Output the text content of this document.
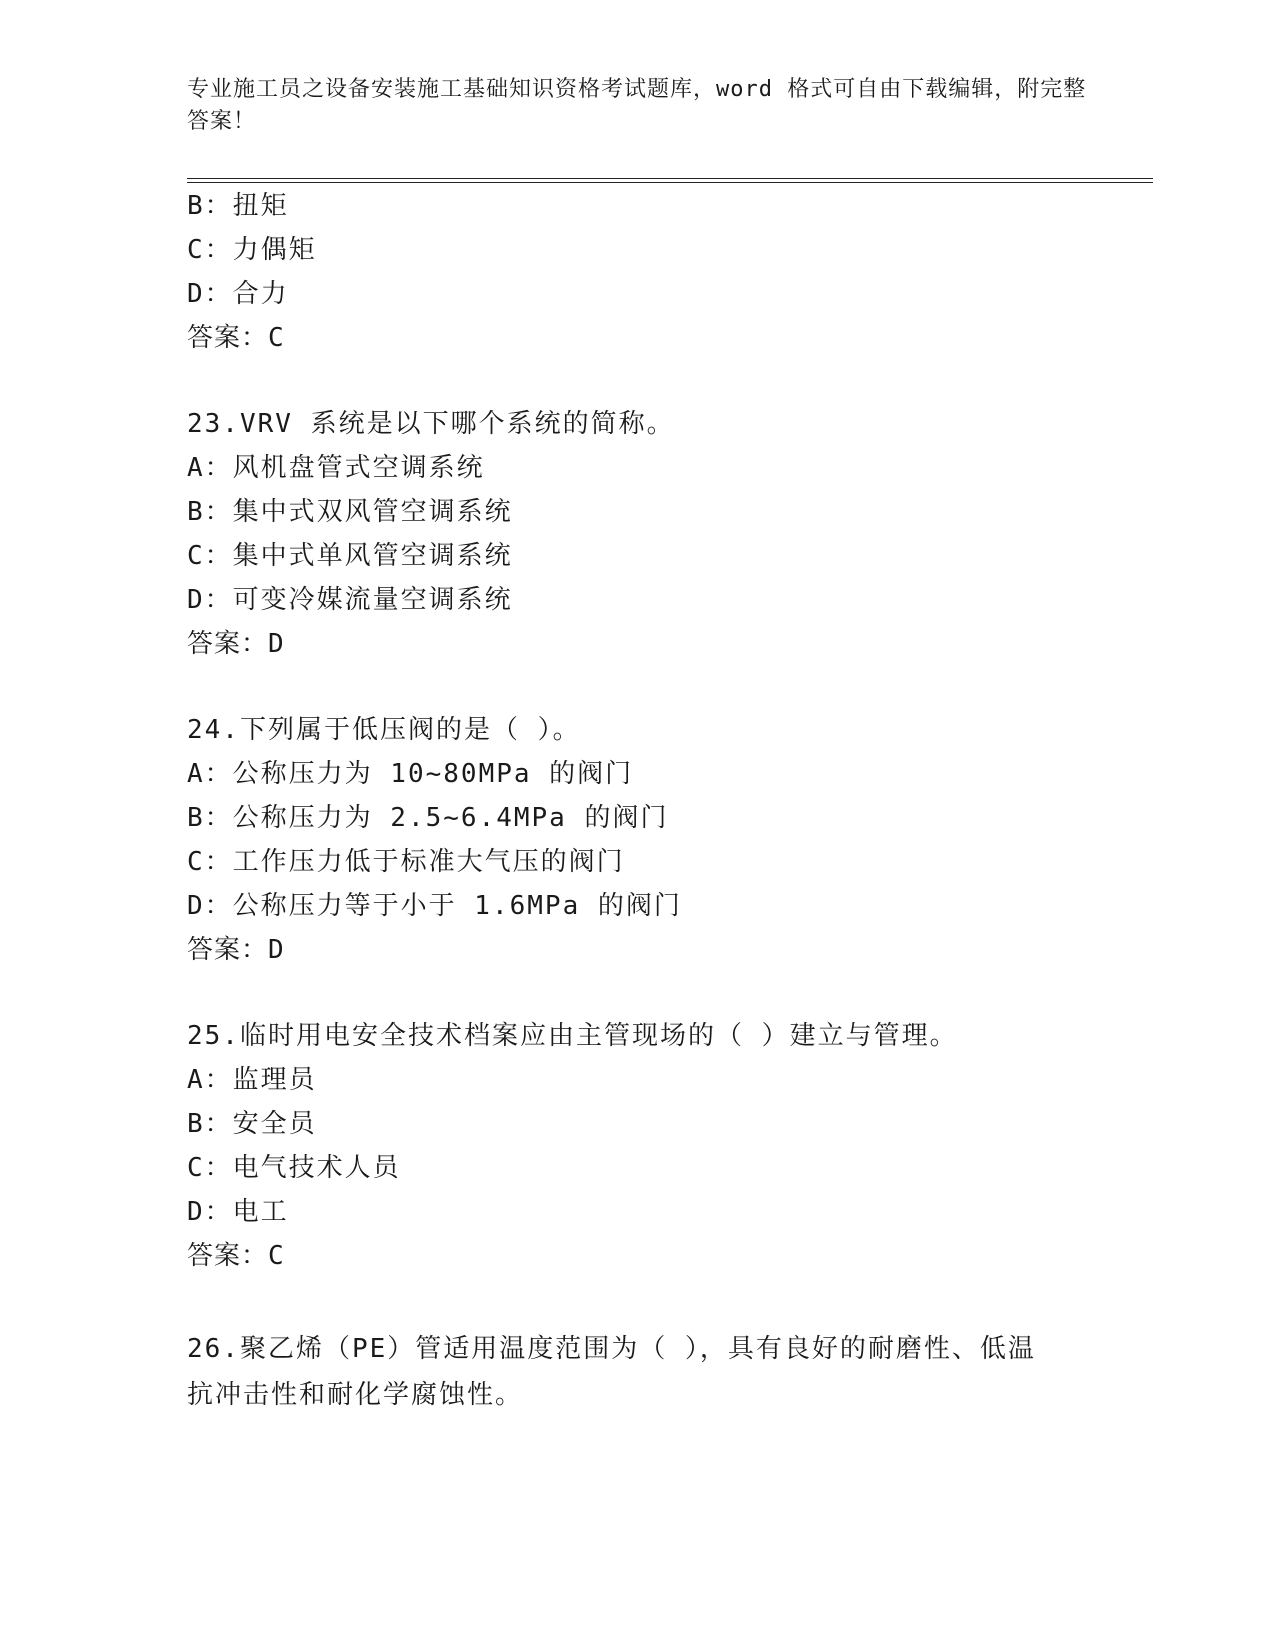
专业施工员之设备安装施工基础知识资格考试题库，word 格式可自由下载编辑，附完整答案！
B：扭矩
C：力偶矩
D：合力
答案：C
23.VRV 系统是以下哪个系统的简称。
A：风机盘管式空调系统
B：集中式双风管空调系统
C：集中式单风管空调系统
D：可变冷媒流量空调系统
答案：D
24.下列属于低压阀的是（ ）。
A：公称压力为 10~80MPa 的阀门
B：公称压力为 2.5~6.4MPa 的阀门
C：工作压力低于标准大气压的阀门
D：公称压力等于小于 1.6MPa 的阀门
答案：D
25.临时用电安全技术档案应由主管现场的（ ）建立与管理。
A：监理员
B：安全员
C：电气技术人员
D：电工
答案：C
26.聚乙烯（PE）管适用温度范围为（ ），具有良好的耐磨性、低温抗冲击性和耐化学腐蚀性。
